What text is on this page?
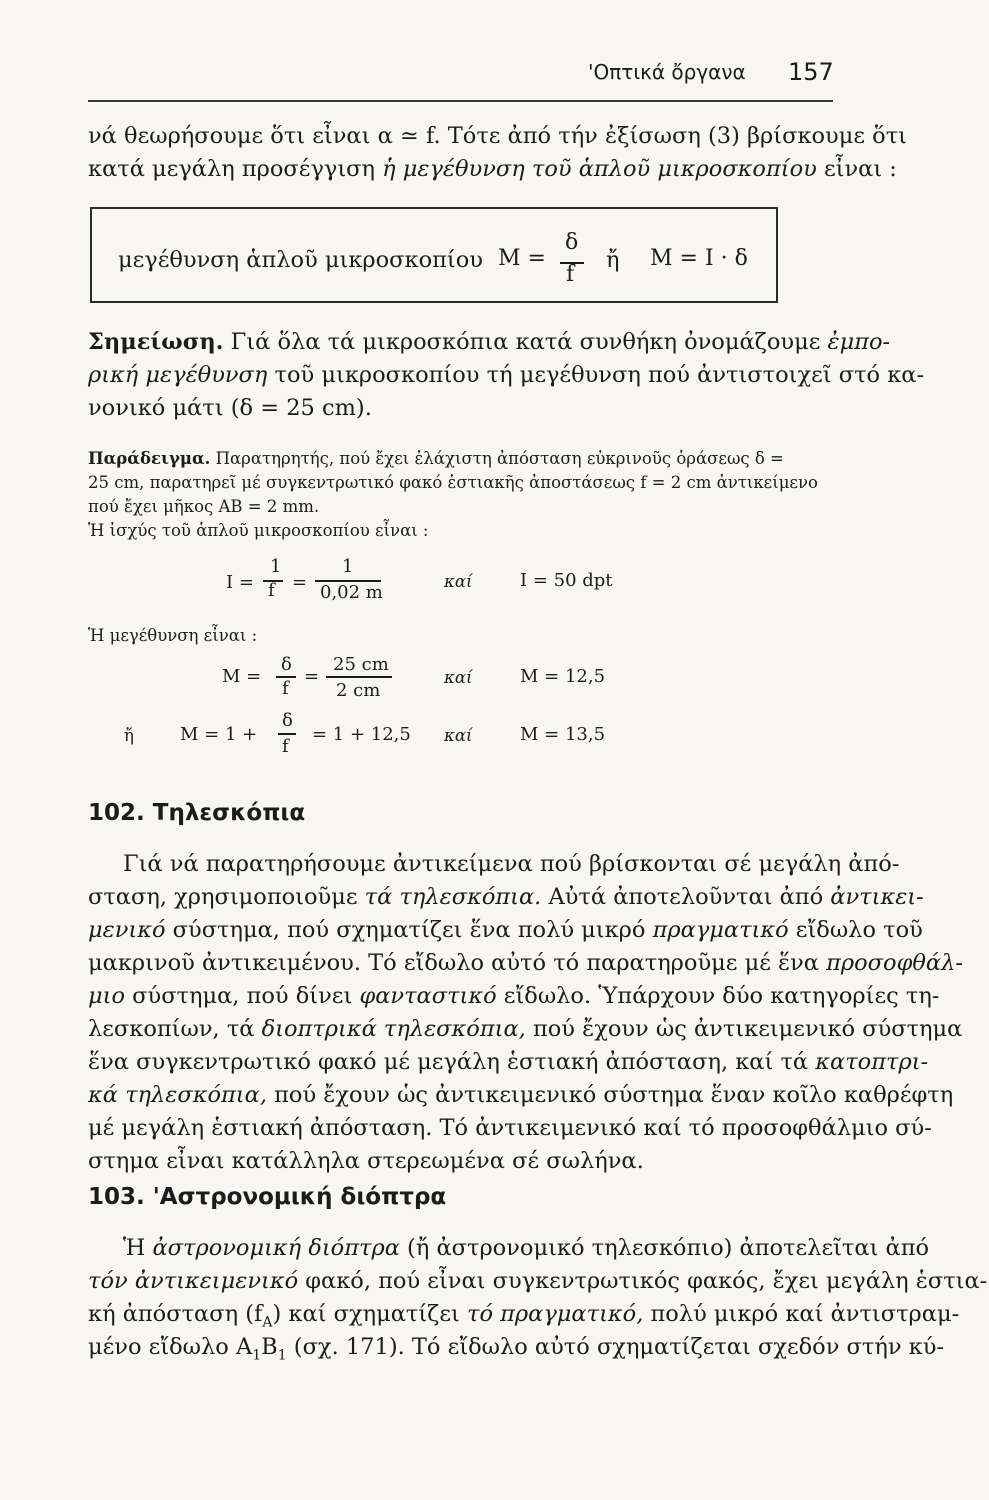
'Οπτικά ὄργανα 157
νά θεωρήσουμε ὅτι εἶναι α ≃ f. Τότε ἀπό τήν ἐξίσωση (3) βρίσκουμε ὅτι
κατά μεγάλη προσέγγιση ἡ μεγέθυνση τοῦ ἁπλοῦ μικροσκοπίου εἶναι :
μεγέθυνση ἁπλοῦ μικροσκοπίου M =
δ
f
ἤ M = I · δ
Σημείωση. Γιά ὅλα τά μικροσκόπια κατά συνθήκη ὀνομάζουμε ἐμπο-
ρική μεγέθυνση τοῦ μικροσκοπίου τή μεγέθυνση πού ἀντιστοιχεῖ στό κα-
νονικό μάτι (δ = 25 cm).
Παράδειγμα. Παρατηρητής, πού ἔχει ἐλάχιστη ἀπόσταση εὐκρινοῦς ὁράσεως δ =
25 cm, παρατηρεῖ μέ συγκεντρωτικό φακό ἑστιακῆς ἀποστάσεως f = 2 cm ἀντικείμενο
πού ἔχει μῆκος AB = 2 mm.
Ἡ ἰσχύς τοῦ ἁπλοῦ μικροσκοπίου εἶναι :
I =
1
f =
1
0,02 m
καί	I = 50 dpt
Ἡ μεγέθυνση εἶναι :
M =
δ
f
=
25 cm
2 cm
καί	M = 12,5
ἤ	M = 1 +
δ
f
= 1 + 12,5 καί	M = 13,5
102. Τηλεσκόπια
Γιά νά παρατηρήσουμε ἀντικείμενα πού βρίσκονται σέ μεγάλη ἀπό-
σταση, χρησιμοποιοῦμε τά τηλεσκόπια. Αὐτά ἀποτελοῦνται ἀπό ἀντικει-
μενικό σύστημα, πού σχηματίζει ἕνα πολύ μικρό πραγματικό εἴδωλο τοῦ
μακρινοῦ ἀντικειμένου. Τό εἴδωλο αὐτό τό παρατηροῦμε μέ ἕνα προσοφθάλ-
μιο σύστημα, πού δίνει φανταστικό εἴδωλο. Ὑπάρχουν δύο κατηγορίες τη-
λεσκοπίων, τά διοπτρικά τηλεσκόπια, πού ἔχουν ὡς ἀντικειμενικό σύστημα
ἕνα συγκεντρωτικό φακό μέ μεγάλη ἑστιακή ἀπόσταση, καί τά κατοπτρι-
κά τηλεσκόπια, πού ἔχουν ὡς ἀντικειμενικό σύστημα ἕναν κοῖλο καθρέφτη
μέ μεγάλη ἑστιακή ἀπόσταση. Τό ἀντικειμενικό καί τό προσοφθάλμιο σύ-
στημα εἶναι κατάλληλα στερεωμένα σέ σωλήνα.
103. 'Αστρονομική διόπτρα
Ἡ ἀστρονομική διόπτρα (ἤ ἀστρονομικό τηλεσκόπιο) ἀποτελεῖται ἀπό
τόν ἀντικειμενικό φακό, πού εἶναι συγκεντρωτικός φακός, ἔχει μεγάλη ἑστια-
κή ἀπόσταση $(f_A)$ καί σχηματίζει τό πραγματικό, πολύ μικρό καί ἀντιστραμ-
μένο εἴδωλο $A_1B_1$ (σχ. 171). Τό εἴδωλο αὐτό σχηματίζεται σχεδόν στήν κύ-
